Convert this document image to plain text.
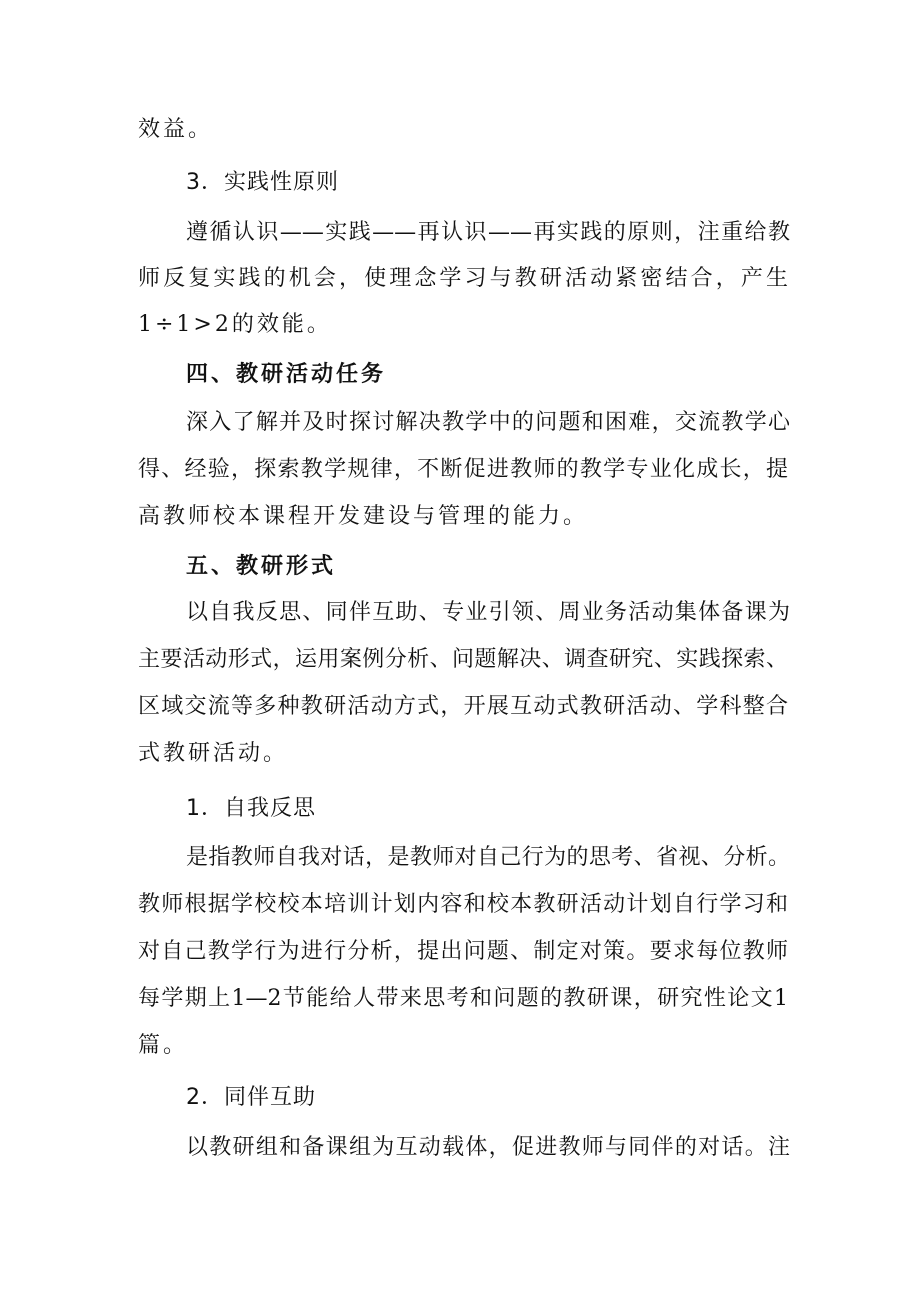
效益。
3．实践性原则
遵循认识——实践——再认识——再实践的原则，注重给教
师反复实践的机会，使理念学习与教研活动紧密结合，产生
1÷1>2的效能。
四、教研活动任务
深入了解并及时探讨解决教学中的问题和困难，交流教学心
得、经验，探索教学规律，不断促进教师的教学专业化成长，提
高教师校本课程开发建设与管理的能力。
五、教研形式
以自我反思、同伴互助、专业引领、周业务活动集体备课为
主要活动形式，运用案例分析、问题解决、调查研究、实践探索、
区域交流等多种教研活动方式，开展互动式教研活动、学科整合
式教研活动。
1．自我反思
是指教师自我对话，是教师对自己行为的思考、省视、分析。
教师根据学校校本培训计划内容和校本教研活动计划自行学习和
对自己教学行为进行分析，提出问题、制定对策。要求每位教师
每学期上1—2节能给人带来思考和问题的教研课，研究性论文1
篇。
2．同伴互助
以教研组和备课组为互动载体，促进教师与同伴的对话。注
